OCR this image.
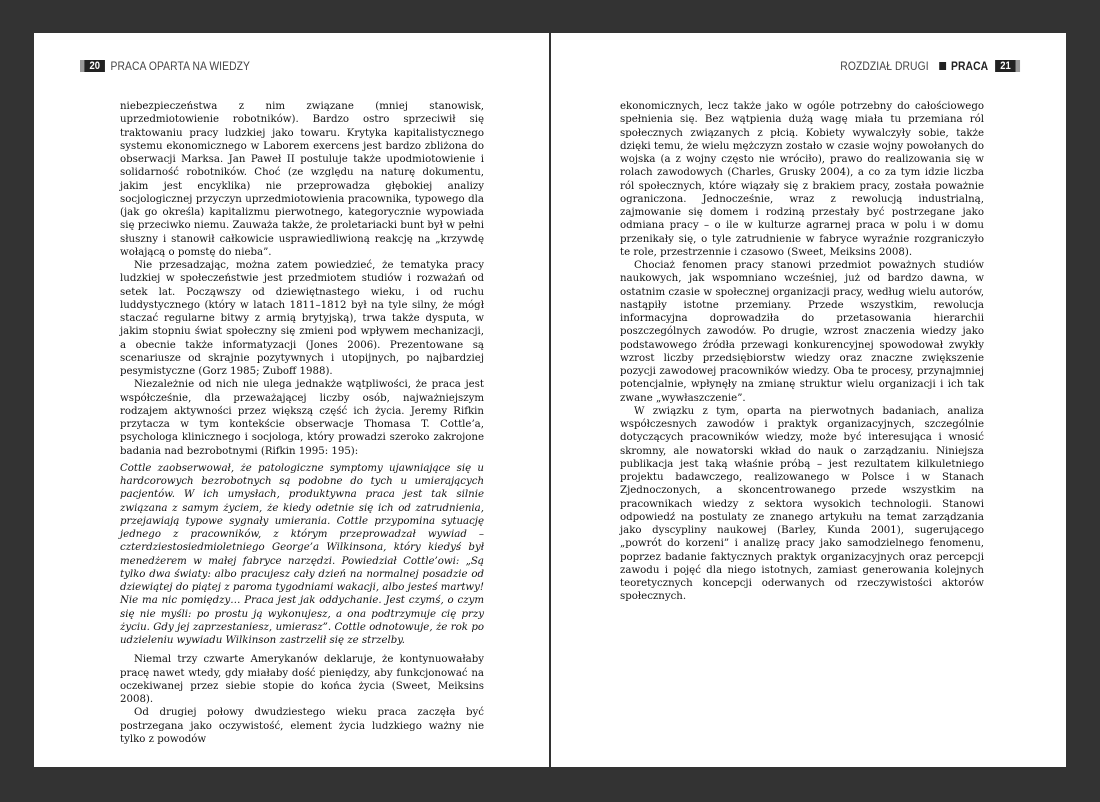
20 PRACA OPARTA NA WIEDZY

niebezpieczeństwa z nim związane (mniej stanowisk, uprzedmiotowienie robotników). Bardzo ostro sprzeciwił się traktowaniu pracy ludzkiej jako towaru. Krytyka kapitalistycznego systemu ekonomicznego w Laborem exercens jest bardzo zbliżona do obserwacji Marksa. Jan Paweł II postuluje także upodmiotowienie i solidarność robotników. Choć (ze względu na naturę dokumentu, jakim jest encyklika) nie przeprowadza głębokiej analizy socjologicznej przyczyn uprzedmiotowienia pracownika, typowego dla (jak go określa) kapitalizmu pierwotnego, kategorycznie wypowiada się przeciwko niemu. Zauważa także, że proletariacki bunt był w pełni słuszny i stanowił całkowicie usprawiedliwioną reakcję na „krzywdę wołającą o pomstę do nieba”.

Nie przesadzając, można zatem powiedzieć, że tematyka pracy ludzkiej w społeczeństwie jest przedmiotem studiów i rozważań od setek lat. Począwszy od dziewiętnastego wieku, i od ruchu luddystycznego (który w latach 1811–1812 był na tyle silny, że mógł staczać regularne bitwy z armią brytyjską), trwa także dysputa, w jakim stopniu świat społeczny się zmieni pod wpływem mechanizacji, a obecnie także informatyzacji (Jones 2006). Prezentowane są scenariusze od skrajnie pozytywnych i utopijnych, po najbardziej pesymistyczne (Gorz 1985; Zuboff 1988).

Niezależnie od nich nie ulega jednakże wątpliwości, że praca jest współcześnie, dla przeważającej liczby osób, najważniejszym rodzajem aktywności przez większą część ich życia. Jeremy Rifkin przytacza w tym kontekście obserwacje Thomasa T. Cottle’a, psychologa klinicznego i socjologa, który prowadzi szeroko zakrojone badania nad bezrobotnymi (Rifkin 1995: 195):

Cottle zaobserwował, że patologiczne symptomy ujawniające się u hardcorowych bezrobotnych są podobne do tych u umierających pacjentów. W ich umysłach, produktywna praca jest tak silnie związana z samym życiem, że kiedy odetnie się ich od zatrudnienia, przejawiają typowe sygnały umierania. Cottle przypomina sytuację jednego z pracowników, z którym przeprowadzał wywiad – czterdziestosiedmioletniego George’a Wilkinsona, który kiedyś był menedżerem w małej fabryce narzędzi. Powiedział Cottle’owi: „Są tylko dwa światy: albo pracujesz cały dzień na normalnej posadzie od dziewiątej do piątej z paroma tygodniami wakacji, albo jesteś martwy! Nie ma nic pomiędzy… Praca jest jak oddychanie. Jest czymś, o czym się nie myśli: po prostu ją wykonujesz, a ona podtrzymuje cię przy życiu. Gdy jej zaprzestaniesz, umierasz”. Cottle odnotowuje, że rok po udzieleniu wywiadu Wilkinson zastrzelił się ze strzelby.

Niemal trzy czwarte Amerykanów deklaruje, że kontynuowałaby pracę nawet wtedy, gdy miałaby dość pieniędzy, aby funkcjonować na oczekiwanej przez siebie stopie do końca życia (Sweet, Meiksins 2008).

Od drugiej połowy dwudziestego wieku praca zaczęła być postrzegana jako oczywistość, element życia ludzkiego ważny nie tylko z powodów

ROZDZIAŁ DRUGI PRACA	21

ekonomicznych, lecz także jako w ogóle potrzebny do całościowego spełnienia się. Bez wątpienia dużą wagę miała tu przemiana ról społecznych związanych z płcią. Kobiety wywalczyły sobie, także dzięki temu, że wielu mężczyzn zostało w czasie wojny powołanych do wojska (a z wojny często nie wróciło), prawo do realizowania się w rolach zawodowych (Charles, Grusky 2004), a co za tym idzie liczba ról społecznych, które wiązały się z brakiem pracy, została poważnie ograniczona. Jednocześnie, wraz z rewolucją industrialną, zajmowanie się domem i rodziną przestały być postrzegane jako odmiana pracy – o ile w kulturze agrarnej praca w polu i w domu przenikały się, o tyle zatrudnienie w fabryce wyraźnie rozgraniczyło te role, przestrzennie i czasowo (Sweet, Meiksins 2008).

Chociaż fenomen pracy stanowi przedmiot poważnych studiów naukowych, jak wspomniano wcześniej, już od bardzo dawna, w ostatnim czasie w społecznej organizacji pracy, według wielu autorów, nastąpiły istotne przemiany. Przede wszystkim, rewolucja informacyjna doprowadziła do przetasowania hierarchii poszczególnych zawodów. Po drugie, wzrost znaczenia wiedzy jako podstawowego źródła przewagi konkurencyjnej spowodował zwykły wzrost liczby przedsiębiorstw wiedzy oraz znaczne zwiększenie pozycji zawodowej pracowników wiedzy. Oba te procesy, przynajmniej potencjalnie, wpłynęły na zmianę struktur wielu organizacji i ich tak zwane „wywłaszczenie”.

W związku z tym, oparta na pierwotnych badaniach, analiza współczesnych zawodów i praktyk organizacyjnych, szczególnie dotyczących pracowników wiedzy, może być interesująca i wnosić skromny, ale nowatorski wkład do nauk o zarządzaniu. Niniejsza publikacja jest taką właśnie próbą – jest rezultatem kilkuletniego projektu badawczego, realizowanego w Polsce i w Stanach Zjednoczonych, a skoncentrowanego przede wszystkim na pracownikach wiedzy z sektora wysokich technologii. Stanowi odpowiedź na postulaty ze znanego artykułu na temat zarządzania jako dyscypliny naukowej (Barley, Kunda 2001), sugerującego „powrót do korzeni” i analizę pracy jako samodzielnego fenomenu, poprzez badanie faktycznych praktyk organizacyjnych oraz percepcji zawodu i pojęć dla niego istotnych, zamiast generowania kolejnych teoretycznych koncepcji oderwanych od rzeczywistości aktorów społecznych.
